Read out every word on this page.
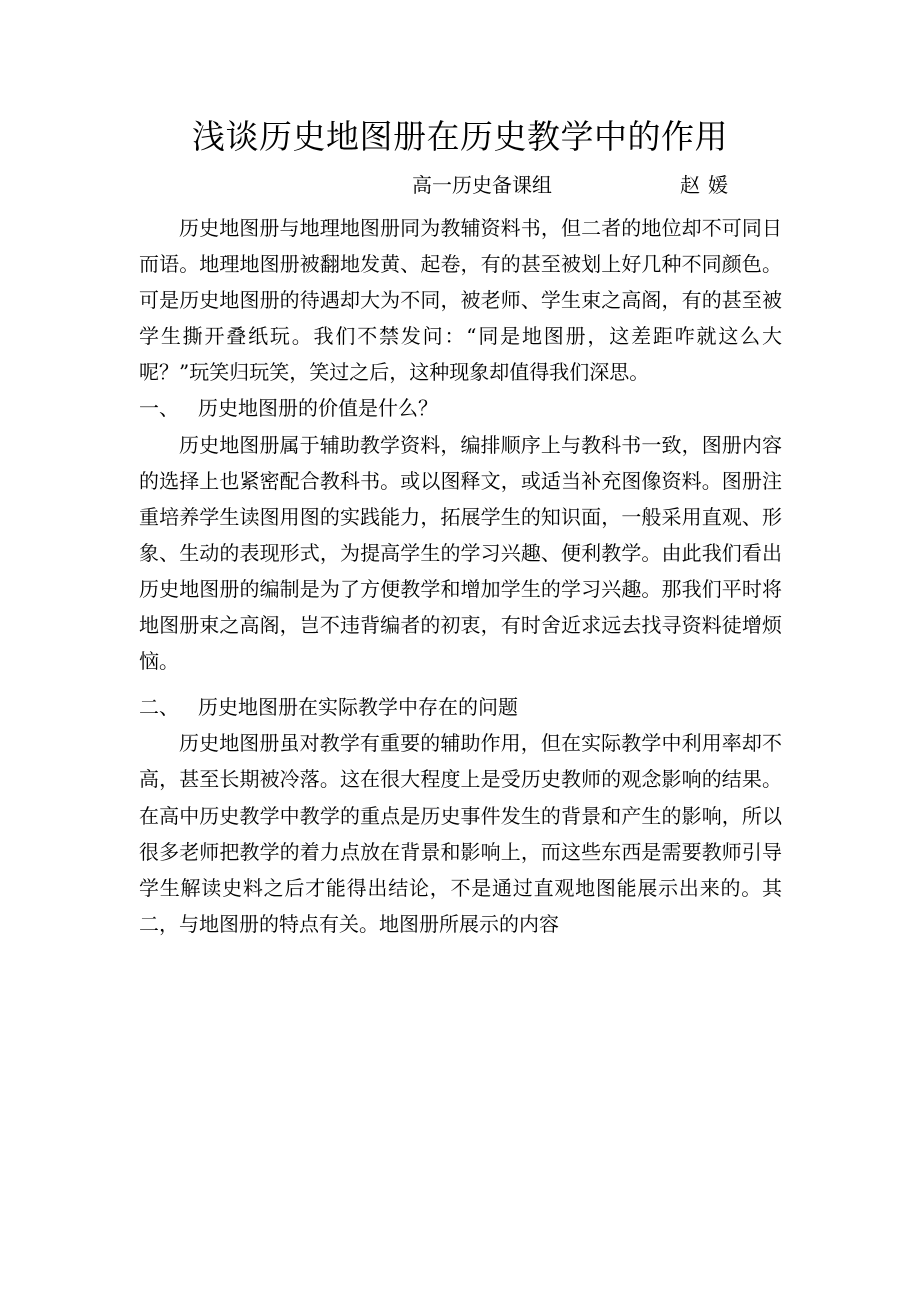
浅谈历史地图册在历史教学中的作用
高一历史备课组	赵媛

历史地图册与地理地图册同为教辅资料书，但二者的地位却不可同日而语。地理地图册被翻地发黄、起卷，有的甚至被划上好几种不同颜色。可是历史地图册的待遇却大为不同，被老师、学生束之高阁，有的甚至被学生撕开叠纸玩。我们不禁发问：“同是地图册，这差距咋就这么大呢？”玩笑归玩笑，笑过之后，这种现象却值得我们深思。

一、 历史地图册的价值是什么？

历史地图册属于辅助教学资料，编排顺序上与教科书一致，图册内容的选择上也紧密配合教科书。或以图释文，或适当补充图像资料。图册注重培养学生读图用图的实践能力，拓展学生的知识面，一般采用直观、形象、生动的表现形式，为提高学生的学习兴趣、便利教学。由此我们看出历史地图册的编制是为了方便教学和增加学生的学习兴趣。那我们平时将地图册束之高阁，岂不违背编者的初衷，有时舍近求远去找寻资料徒增烦恼。

二、 历史地图册在实际教学中存在的问题

历史地图册虽对教学有重要的辅助作用，但在实际教学中利用率却不高，甚至长期被冷落。这在很大程度上是受历史教师的观念影响的结果。在高中历史教学中教学的重点是历史事件发生的背景和产生的影响，所以很多老师把教学的着力点放在背景和影响上，而这些东西是需要教师引导学生解读史料之后才能得出结论，不是通过直观地图能展示出来的。其二，与地图册的特点有关。地图册所展示的内容
